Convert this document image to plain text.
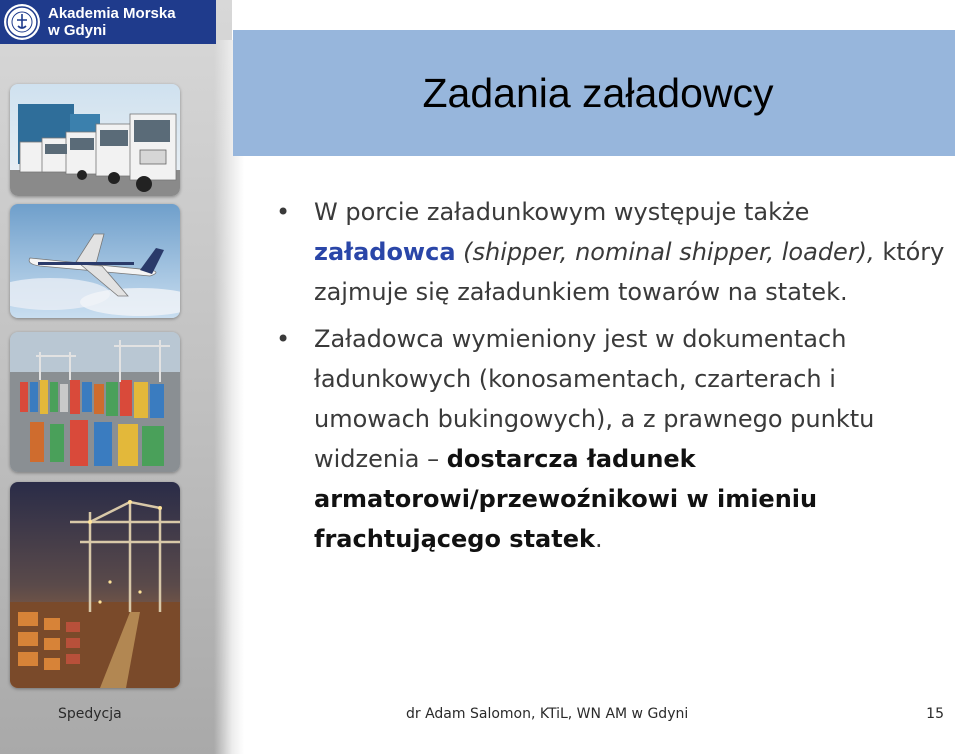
Akademia Morska
w Gdyni
Zadania załadowcy
• W porcie załadunkowym występuje także załadowca (shipper, nominal shipper, loader), który zajmuje się załadunkiem towarów na statek.
• Załadowca wymieniony jest w dokumentach ładunkowych (konosamentach, czarterach i umowach bukingowych), a z prawnego punktu widzenia – dostarcza ładunek armatorowi/przewoźnikowi w imieniu frachtującego statek.
Spedycja	dr Adam Salomon, KTiL, WN AM w Gdyni	15
